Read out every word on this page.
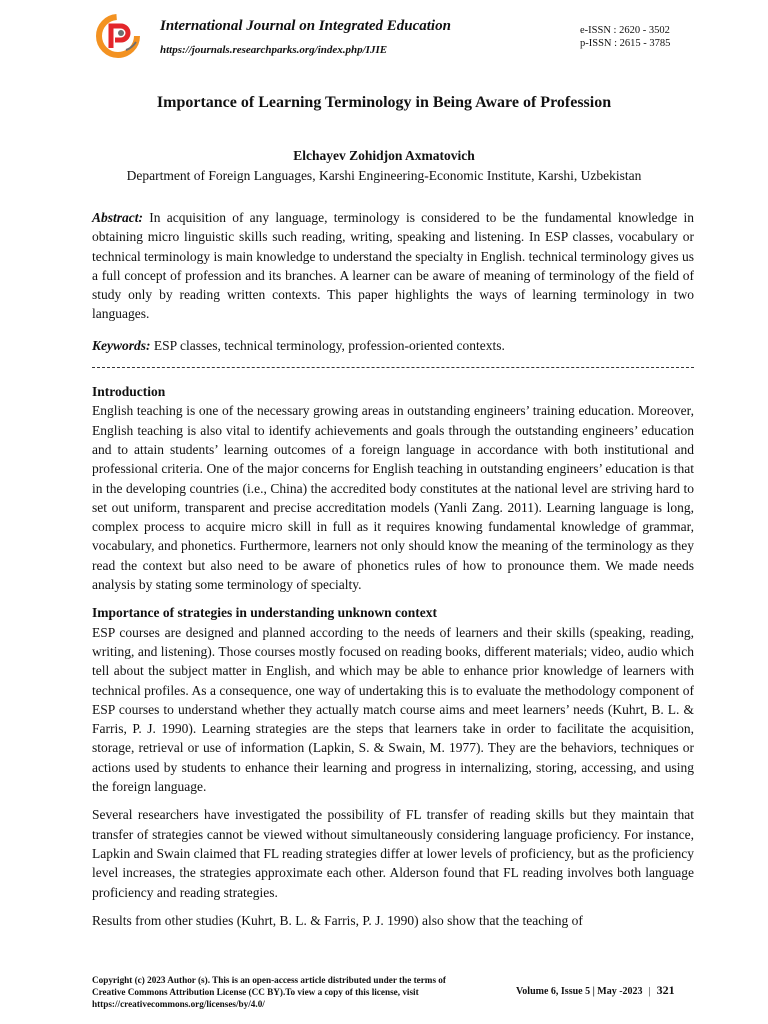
International Journal on Integrated Education
https://journals.researchparks.org/index.php/IJIE
e-ISSN : 2620 - 3502
p-ISSN : 2615 - 3785
Importance of Learning Terminology in Being Aware of Profession
Elchayev Zohidjon Axmatovich
Department of Foreign Languages, Karshi Engineering-Economic Institute, Karshi, Uzbekistan

Abstract: In acquisition of any language, terminology is considered to be the fundamental knowledge in obtaining micro linguistic skills such reading, writing, speaking and listening. In ESP classes, vocabulary or technical terminology is main knowledge to understand the specialty in English. technical terminology gives us a full concept of profession and its branches. A learner can be aware of meaning of terminology of the field of study only by reading written contexts. This paper highlights the ways of learning terminology in two languages.

Keywords: ESP classes, technical terminology, profession-oriented contexts.

Introduction

English teaching is one of the necessary growing areas in outstanding engineers’ training education. Moreover, English teaching is also vital to identify achievements and goals through the outstanding engineers’ education and to attain students’ learning outcomes of a foreign language in accordance with both institutional and professional criteria. One of the major concerns for English teaching in outstanding engineers’ education is that in the developing countries (i.e., China) the accredited body constitutes at the national level are striving hard to set out uniform, transparent and precise accreditation models (Yanli Zang. 2011). Learning language is long, complex process to acquire micro skill in full as it requires knowing fundamental knowledge of grammar, vocabulary, and phonetics. Furthermore, learners not only should know the meaning of the terminology as they read the context but also need to be aware of phonetics rules of how to pronounce them. We made needs analysis by stating some terminology of specialty.

Importance of strategies in understanding unknown context

ESP courses are designed and planned according to the needs of learners and their skills (speaking, reading, writing, and listening). Those courses mostly focused on reading books, different materials; video, audio which tell about the subject matter in English, and which may be able to enhance prior knowledge of learners with technical profiles. As a consequence, one way of undertaking this is to evaluate the methodology component of ESP courses to understand whether they actually match course aims and meet learners’ needs (Kuhrt, B. L. & Farris, P. J. 1990). Learning strategies are the steps that learners take in order to facilitate the acquisition, storage, retrieval or use of information (Lapkin, S. & Swain, M. 1977). They are the behaviors, techniques or actions used by students to enhance their learning and progress in internalizing, storing, accessing, and using the foreign language.

Several researchers have investigated the possibility of FL transfer of reading skills but they maintain that transfer of strategies cannot be viewed without simultaneously considering language proficiency. For instance, Lapkin and Swain claimed that FL reading strategies differ at lower levels of proficiency, but as the proficiency level increases, the strategies approximate each other. Alderson found that FL reading involves both language proficiency and reading strategies.

Results from other studies (Kuhrt, B. L. & Farris, P. J. 1990) also show that the teaching of

Copyright (c) 2023 Author (s). This is an open-access article distributed under the terms of Creative Commons Attribution License (CC BY).To view a copy of this license, visit https://creativecommons.org/licenses/by/4.0/
Volume 6, Issue 5 | May -2023 | 321
